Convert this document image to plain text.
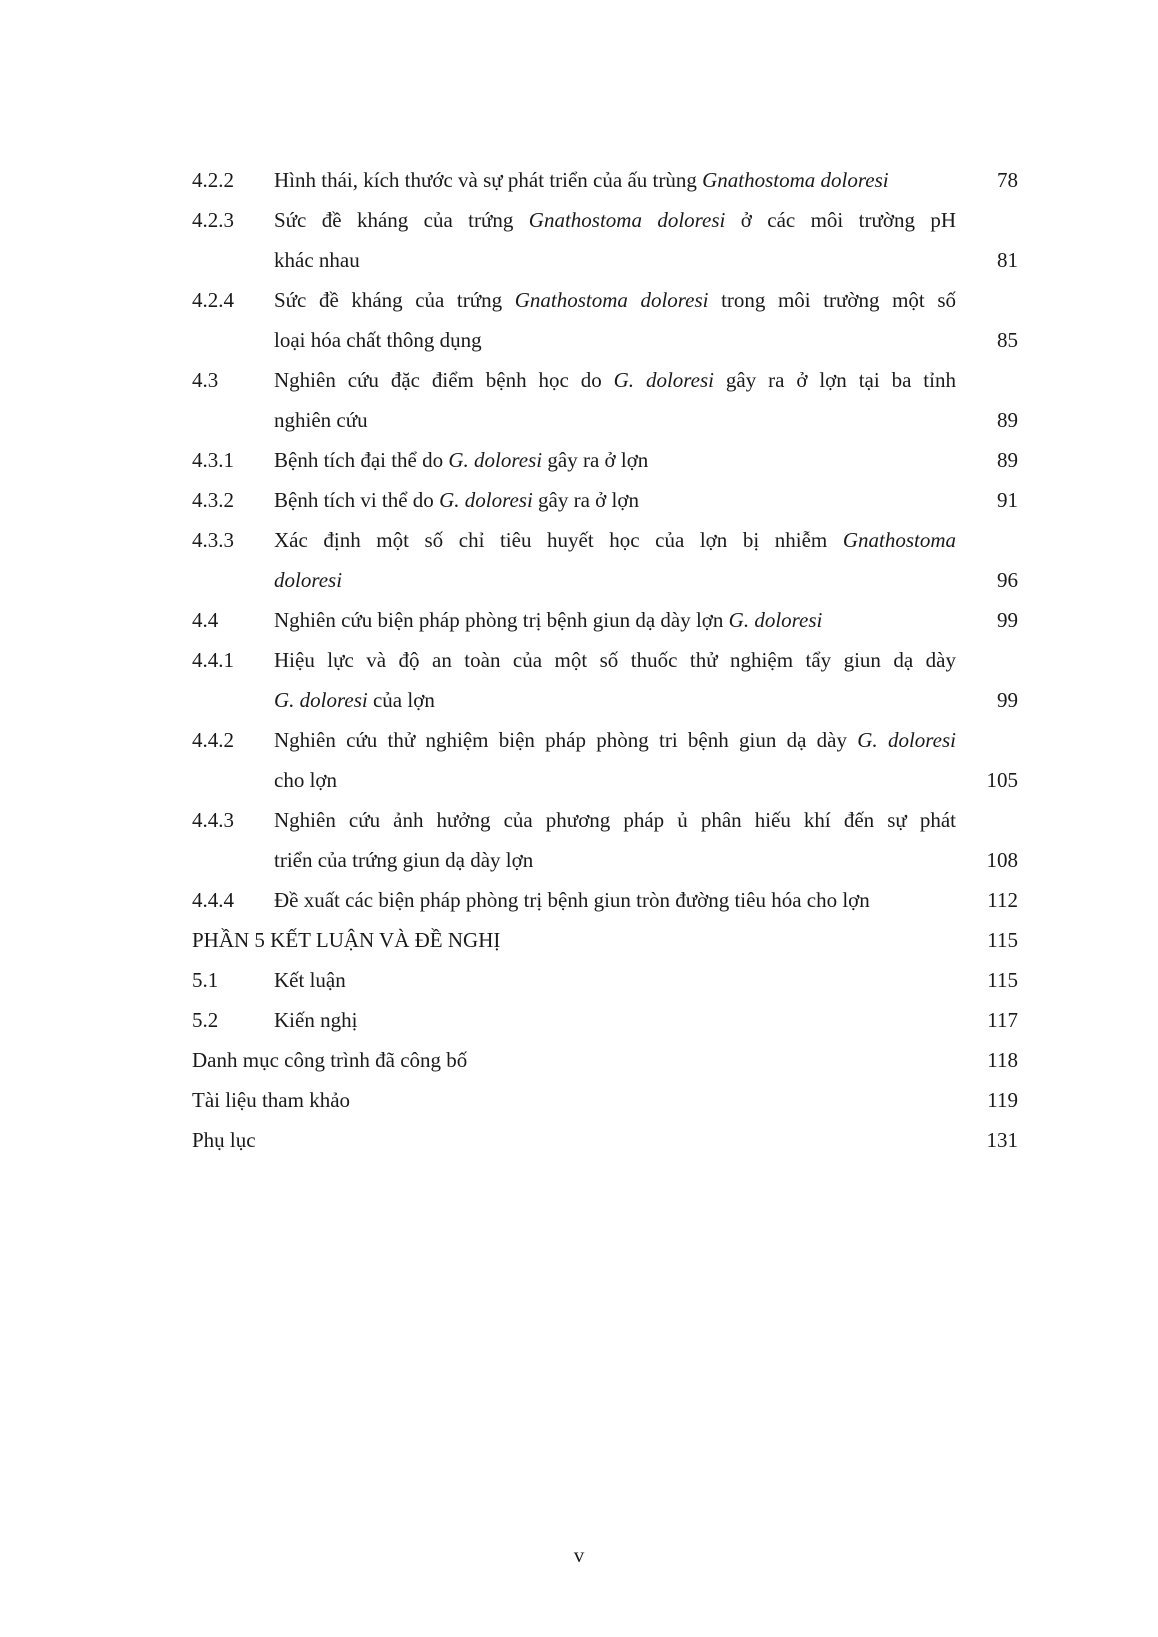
4.2.2 Hình thái, kích thước và sự phát triển của ấu trùng Gnathostoma doloresi	78
4.2.3 Sức đề kháng của trứng Gnathostoma doloresi ở các môi trường pH
khác nhau	81
4.2.4 Sức đề kháng của trứng Gnathostoma doloresi trong môi trường một số
loại hóa chất thông dụng	85
4.3	Nghiên cứu đặc điểm bệnh học do G. doloresi gây ra ở lợn tại ba tỉnh
nghiên cứu	89
4.3.1 Bệnh tích đại thể do G. doloresi gây ra ở lợn	89
4.3.2 Bệnh tích vi thể do G. doloresi gây ra ở lợn	91
4.3.3 Xác định một số chỉ tiêu huyết học của lợn bị nhiễm Gnathostoma
doloresi	96
4.4	Nghiên cứu biện pháp phòng trị bệnh giun dạ dày lợn G. doloresi	99
4.4.1 Hiệu lực và độ an toàn của một số thuốc thử nghiệm tẩy giun dạ dày
G. doloresi của lợn	99
4.4.2 Nghiên cứu thử nghiệm biện pháp phòng tri bệnh giun dạ dày G. doloresi
cho lợn	105
4.4.3 Nghiên cứu ảnh hưởng của phương pháp ủ phân hiếu khí đến sự phát
triển của trứng giun dạ dày lợn	108
4.4.4 Đề xuất các biện pháp phòng trị bệnh giun tròn đường tiêu hóa cho lợn	112
PHẦN 5 KẾT LUẬN VÀ ĐỀ NGHỊ	115
5.1	Kết luận	115
5.2	Kiến nghị	117
Danh mục công trình đã công bố	118
Tài liệu tham khảo	119
Phụ lục	131
v
